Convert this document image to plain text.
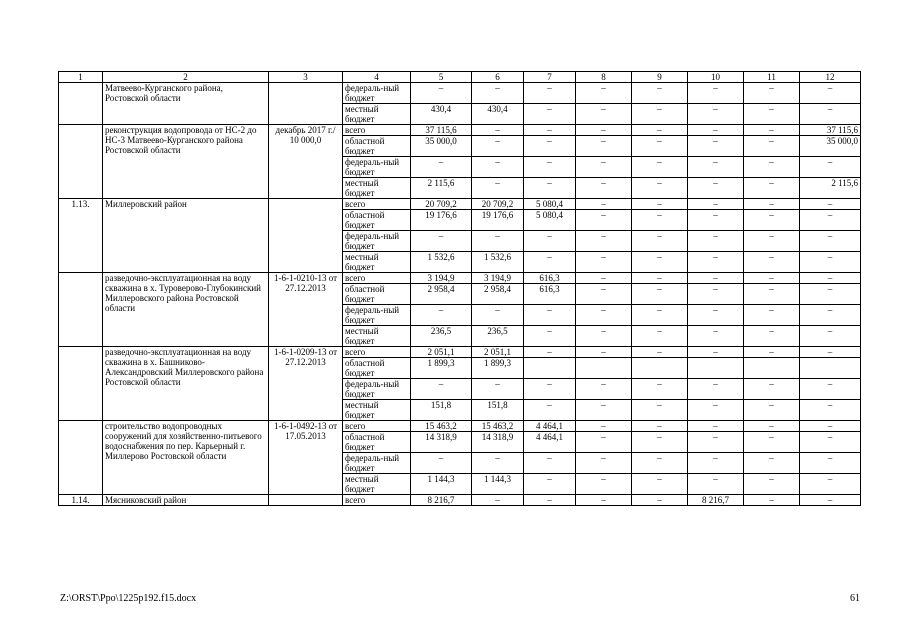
1	2	3	4	5	6	7	8	9	10	11	12
	Матвеево-Курганского района, Ростовской области		федераль-ный бюджет	–	–	–	–	–	–	–	–
			местный бюджет	430,4	430,4	–	–	–	–	–	–
	реконструкция водопровода от НС-2 до НС-3 Матвеево-Курганского района Ростовской области	декабрь 2017 г./ 10 000,0	всего	37 115,6	–	–	–	–	–	–	37 115,6
			областной бюджет	35 000,0	–	–	–	–	–	–	35 000,0
			федераль-ный бюджет	–	–	–	–	–	–	–	–
			местный бюджет	2 115,6	–	–	–	–	–	–	2 115,6
1.13.	Миллеровский район		всего	20 709,2	20 709,2	5 080,4	–	–	–	–	–
			областной бюджет	19 176,6	19 176,6	5 080,4	–	–	–	–	–
			федераль-ный бюджет	–	–	–	–	–	–	–	–
			местный бюджет	1 532,6	1 532,6	–	–	–	–	–	–
	разведочно-эксплуатационная на воду скважина в х. Туроверово-Глубокинский Миллеровского района Ростовской области	1-6-1-0210-13 от 27.12.2013	всего	3 194,9	3 194,9	616,3	–	–	–	–	–
			областной бюджет	2 958,4	2 958,4	616,3	–	–	–	–	–
			федераль-ный бюджет	–	–	–	–	–	–	–	–
			местный бюджет	236,5	236,5	–	–	–	–	–	–
	разведочно-эксплуатационная на воду скважина в х. Башниково-Александровский Миллеровского района Ростовской области	1-6-1-0209-13 от 27.12.2013	всего	2 051,1	2 051,1	–	–	–	–	–	–
			областной бюджет	1 899,3	1 899,3						
			федераль-ный бюджет	–	–	–	–	–	–	–	–
			местный бюджет	151,8	151,8	–	–	–	–	–	–
	строительство водопроводных сооружений для хозяйственно-питьевого водоснабжения по пер. Карьерный г. Миллерово Ростовской области	1-6-1-0492-13 от 17.05.2013	всего	15 463,2	15 463,2	4 464,1	–	–	–	–	–
			областной бюджет	14 318,9	14 318,9	4 464,1	–	–	–	–	–
			федераль-ный бюджет	–	–	–	–	–	–	–	–
			местный бюджет	1 144,3	1 144,3	–	–	–	–	–	–
1.14.	Мясниковский район		всего	8 216,7	–	–	–	–	8 216,7	–	–
Z:\ORST\Ppo\1225p192.f15.docx	61
